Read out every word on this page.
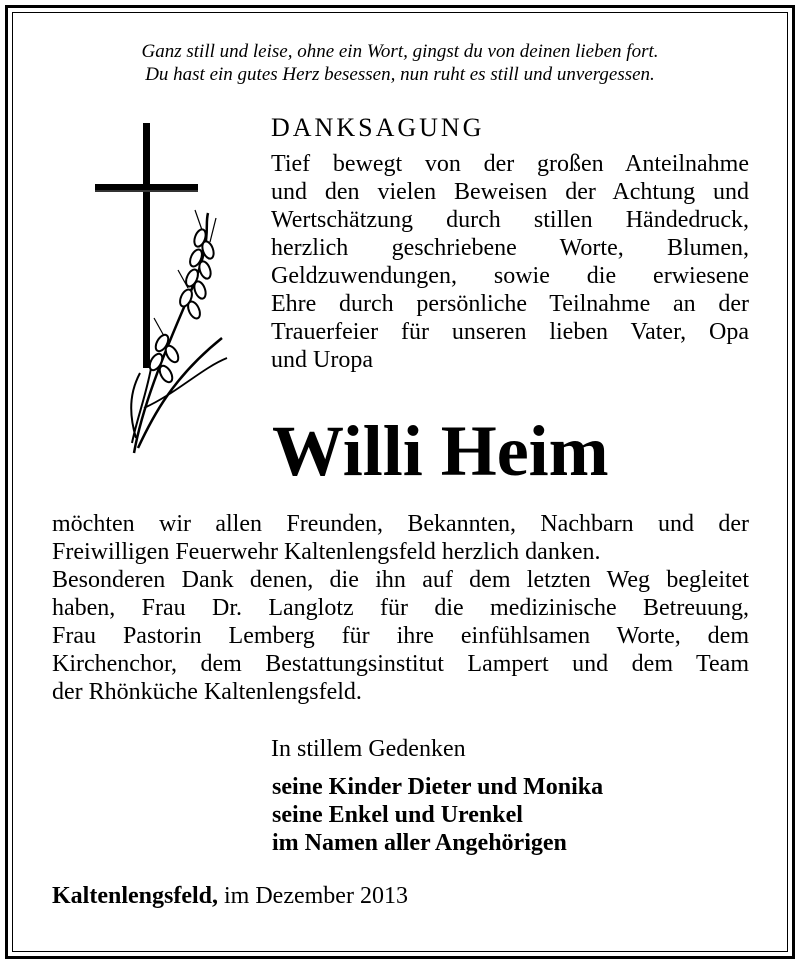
Ganz still und leise, ohne ein Wort, gingst du von deinen lieben fort.
Du hast ein gutes Herz besessen, nun ruht es still und unvergessen.
DANKSAGUNG
Tief bewegt von der großen Anteilnahme
und den vielen Beweisen der Achtung und
Wertschätzung durch stillen Händedruck,
herzlich geschriebene Worte, Blumen,
Geldzuwendungen, sowie die erwiesene
Ehre durch persönliche Teilnahme an der
Trauerfeier für unseren lieben Vater, Opa
und Uropa
Willi Heim
möchten wir allen Freunden, Bekannten, Nachbarn und der
Freiwilligen Feuerwehr Kaltenlengsfeld herzlich danken.
Besonderen Dank denen, die ihn auf dem letzten Weg begleitet
haben, Frau Dr. Langlotz für die medizinische Betreuung,
Frau Pastorin Lemberg für ihre einfühlsamen Worte, dem
Kirchenchor, dem Bestattungsinstitut Lampert und dem Team
der Rhönküche Kaltenlengsfeld.
In stillem Gedenken
seine Kinder Dieter und Monika
seine Enkel und Urenkel
im Namen aller Angehörigen
Kaltenlengsfeld, im Dezember 2013
